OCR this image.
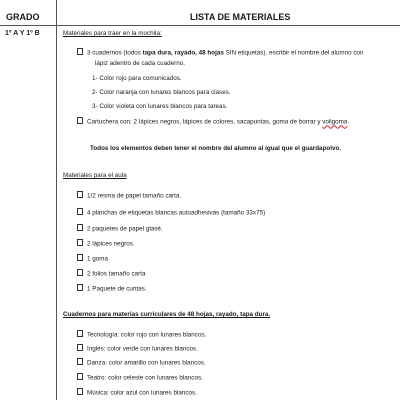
GRADO	LISTA DE MATERIALES
1º A Y 1º B	Materiales para traer en la mochila:
3 cuadernos (todos tapa dura, rayado, 48 hojas SIN etiquetas). escribir el nombre del alumno con
lápiz adentro de cada cuaderno.
1- Color rojo para comunicados.
2- Color naranja con lunares blancos para clases.
3- Color violeta con lunares blancos para tareas.
Cartuchera con: 2 lápices negros, lápices de colores, sacapuntas, goma de borrar y voligoma.
Todos los elementos deben tener el nombre del alumno al igual que el guardapolvo.
Materiales para el aula
1/2 resma de papel tamaño carta.
4 planchas de etiquetas blancas autoadhesivas (tamaño 33x75)
2 paquetes de papel glasé.
2 lápices negros.
1 goma
2 folios tamaño carta
1 Paquete de curitas.
Cuadernos para materias curriculares de 48 hojas, rayado, tapa dura.
Tecnología: color rojo con lunares blancos.
Inglés: color verde con lunares blancos.
Danza: color amarillo con lunares blancos.
Teatro: color celeste con lunares blancos.
Música: color azul con lunares blancos.
